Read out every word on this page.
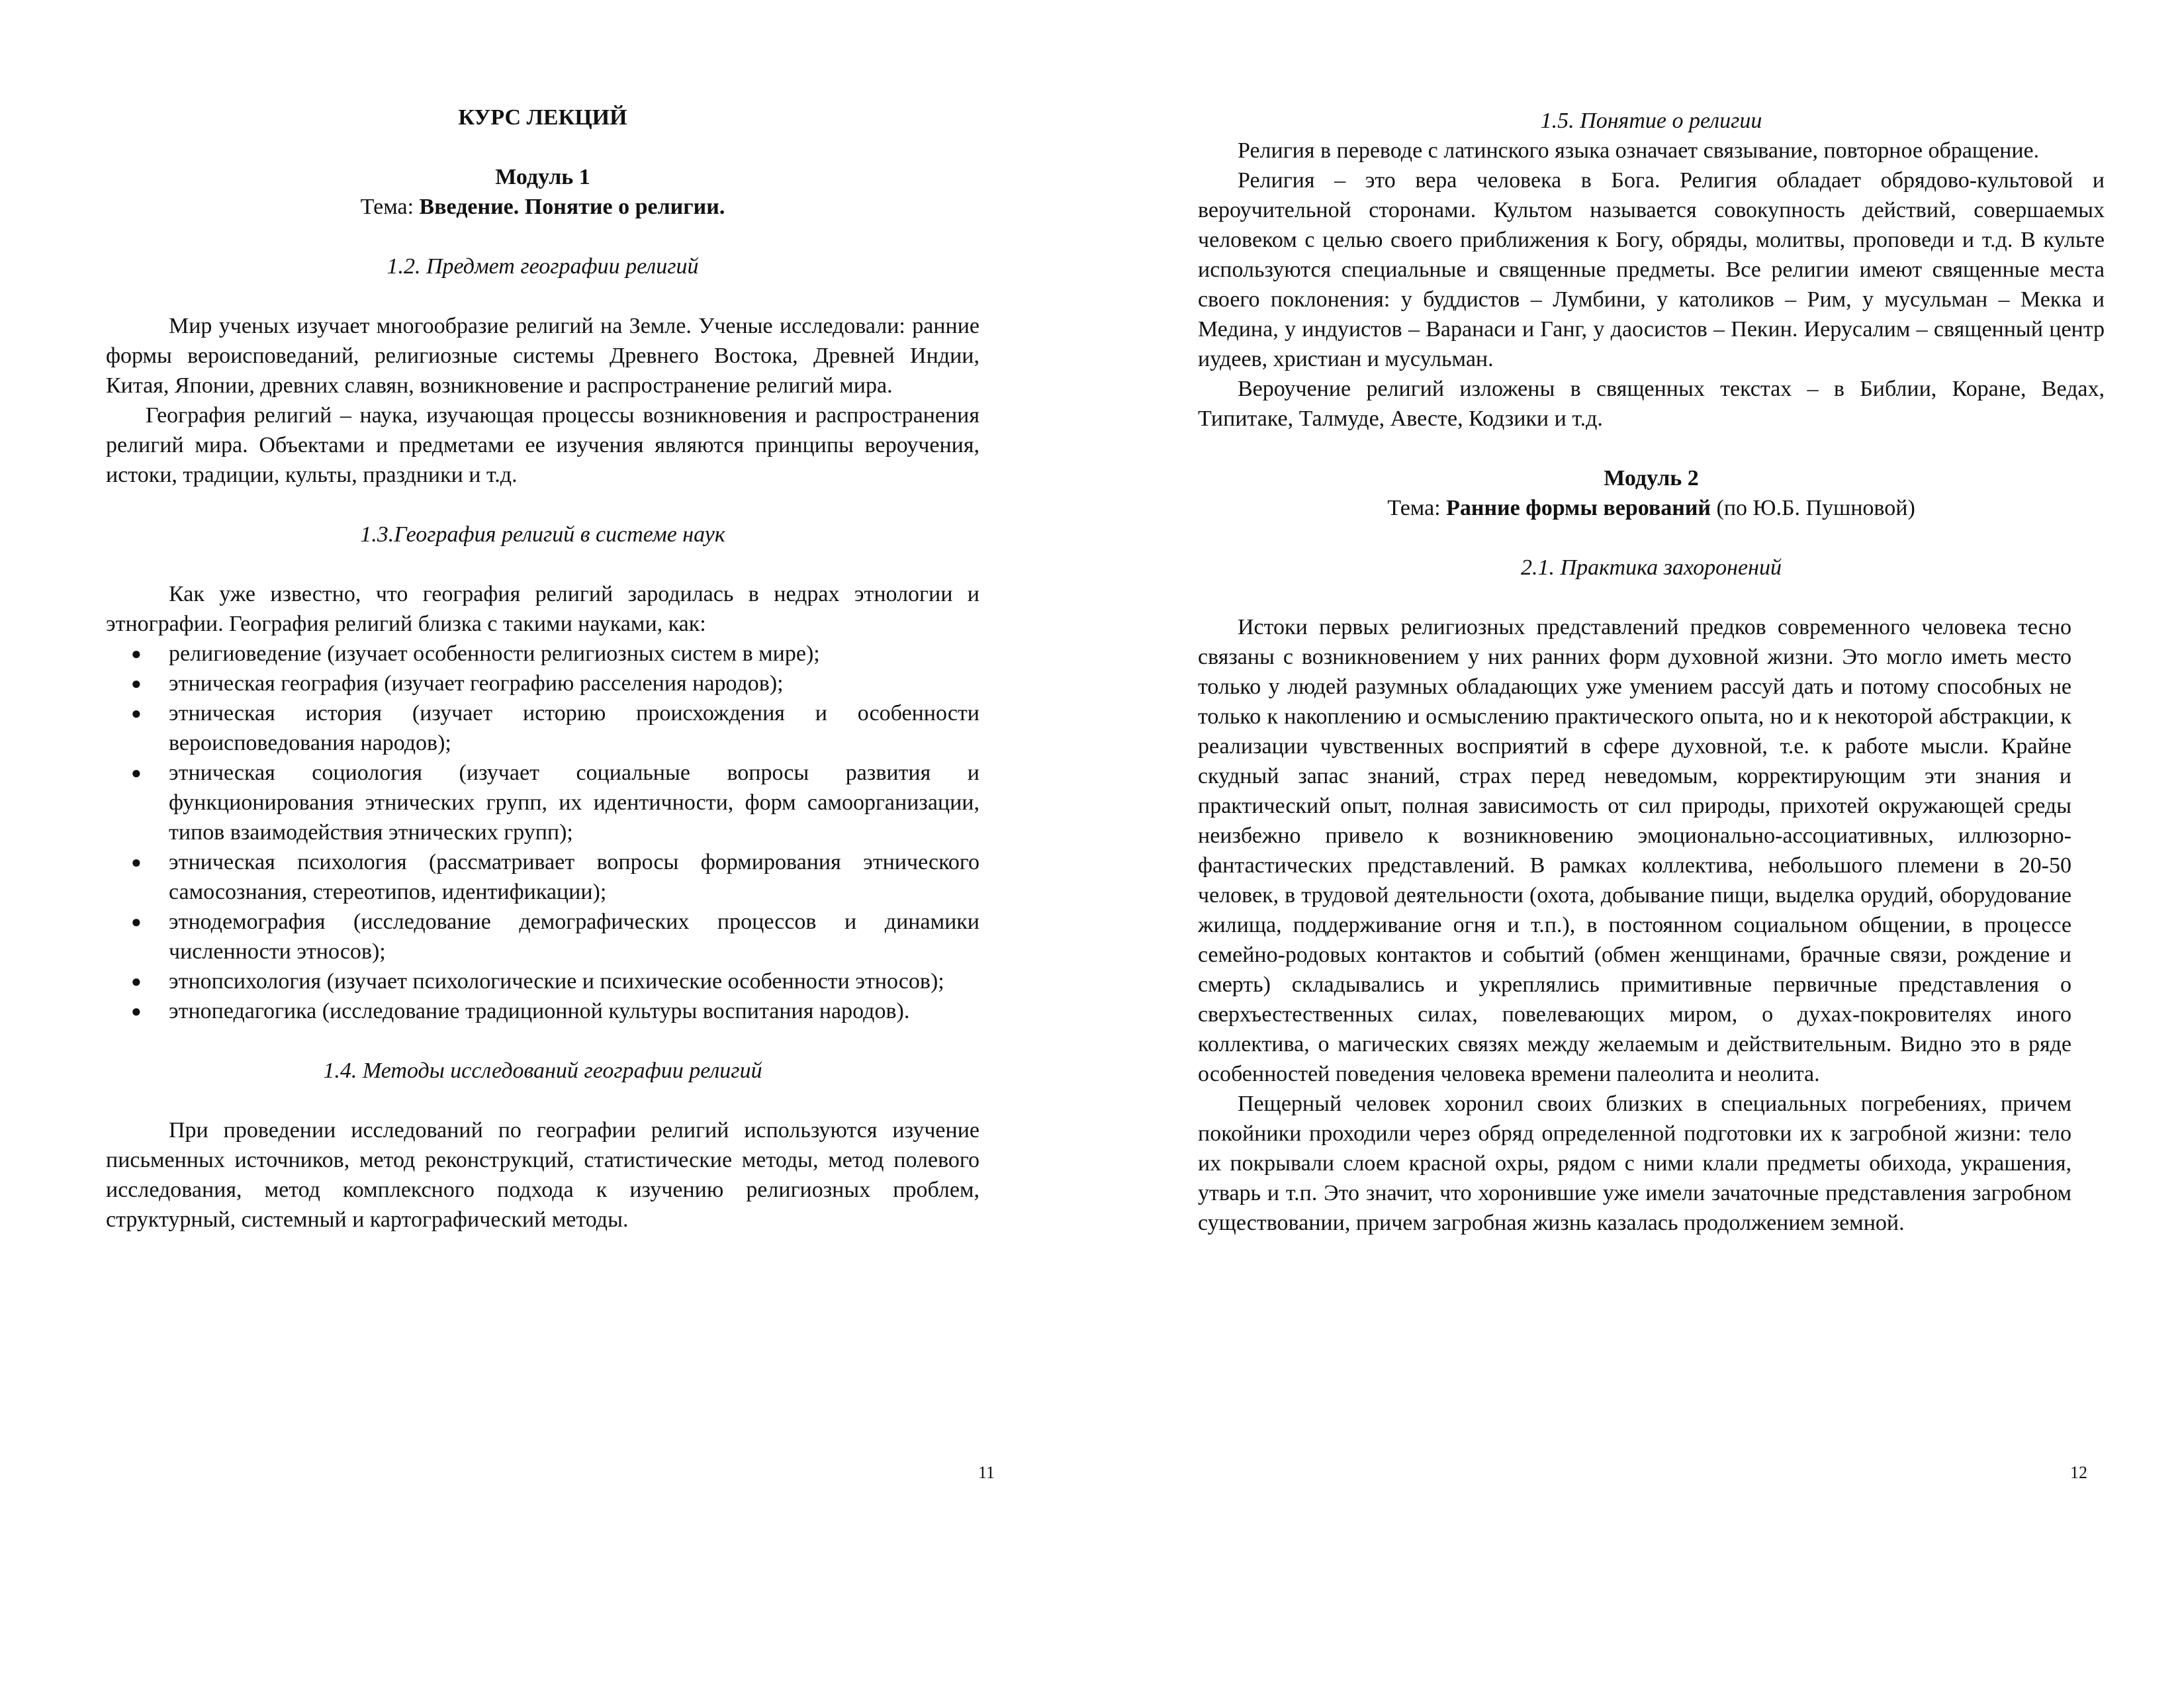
КУРС ЛЕКЦИЙ

Модуль 1

Тема: Введение. Понятие о религии.

1.2. Предмет географии религий

Мир ученых изучает многообразие религий на Земле. Ученые исследовали: ранние формы вероисповеданий, религиозные системы Древнего Востока, Древней Индии, Китая, Японии, древних славян, возникновение и распространение религий мира.

География религий – наука, изучающая процессы возникновения и распространения религий мира. Объектами и предметами ее изучения являются принципы вероучения, истоки, традиции, культы, праздники и т.д.

1.3.География религий в системе наук

Как уже известно, что география религий зародилась в недрах этнологии и этнографии. География религий близка с такими науками, как:

● религиоведение (изучает особенности религиозных систем в мире);
● этническая география (изучает географию расселения народов);
● этническая история (изучает историю происхождения и особенности вероисповедования народов);
● этническая социология (изучает социальные вопросы развития и функционирования этнических групп, их идентичности, форм самоорганизации, типов взаимодействия этнических групп);
● этническая психология (рассматривает вопросы формирования этнического самосознания, стереотипов, идентификации);
● этнодемография (исследование демографических процессов и динамики численности этносов);
● этнопсихология (изучает психологические и психические особенности этносов);
● этнопедагогика (исследование традиционной культуры воспитания народов).

1.4. Методы исследований географии религий

При проведении исследований по географии религий используются изучение письменных источников, метод реконструкций, статистические методы, метод полевого исследования, метод комплексного подхода к изучению религиозных проблем, структурный, системный и картографический методы.

11

1.5. Понятие о религии

Религия в переводе с латинского языка означает связывание, повторное обращение.

Религия – это вера человека в Бога. Религия обладает обрядово-культовой и вероучительной сторонами. Культом называется совокупность действий, совершаемых человеком с целью своего приближения к Богу, обряды, молитвы, проповеди и т.д. В культе используются специальные и священные предметы. Все религии имеют священные места своего поклонения: у буддистов – Лумбини, у католиков – Рим, у мусульман – Мекка и Медина, у индуистов – Варанаси и Ганг, у даосистов – Пекин. Иерусалим – священный центр иудеев, христиан и мусульман.

Вероучение религий изложены в священных текстах – в Библии, Коране, Ведах, Типитаке, Талмуде, Авесте, Кодзики и т.д.

Модуль 2

Тема: Ранние формы верований (по Ю.Б. Пушновой)

2.1. Практика захоронений

Истоки первых религиозных представлений предков современного человека тесно связаны с возникновением у них ранних форм духовной жизни. Это могло иметь место только у людей разумных обладающих уже умением рассуй дать и потому способных не только к накоплению и осмыслению практического опыта, но и к некоторой абстракции, к реализации чувственных восприятий в сфере духовной, т.е. к работе мысли. Крайне скудный запас знаний, страх перед неведомым, корректирующим эти знания и практический опыт, полная зависимость от сил природы, прихотей окружающей среды неизбежно привело к возникновению эмоционально-ассоциативных, иллюзорно-фантастических представлений. В рамках коллектива, небольшого племени в 20-50 человек, в трудовой деятельности (охота, добывание пищи, выделка орудий, оборудование жилища, поддерживание огня и т.п.), в постоянном социальном общении, в процессе семейно-родовых контактов и событий (обмен женщинами, брачные связи, рождение и смерть) складывались и укреплялись примитивные первичные представления о сверхъестественных силах, повелевающих миром, о духах-покровителях иного коллектива, о магических связях между желаемым и действительным. Видно это в ряде особенностей поведения человека времени палеолита и неолита.

Пещерный человек хоронил своих близких в специальных погребениях, причем покойники проходили через обряд определенной подготовки их к загробной жизни: тело их покрывали слоем красной охры, рядом с ними клали предметы обихода, украшения, утварь и т.п. Это значит, что хоронившие уже имели зачаточные представления загробном существовании, причем загробная жизнь казалась продолжением земной.

12
